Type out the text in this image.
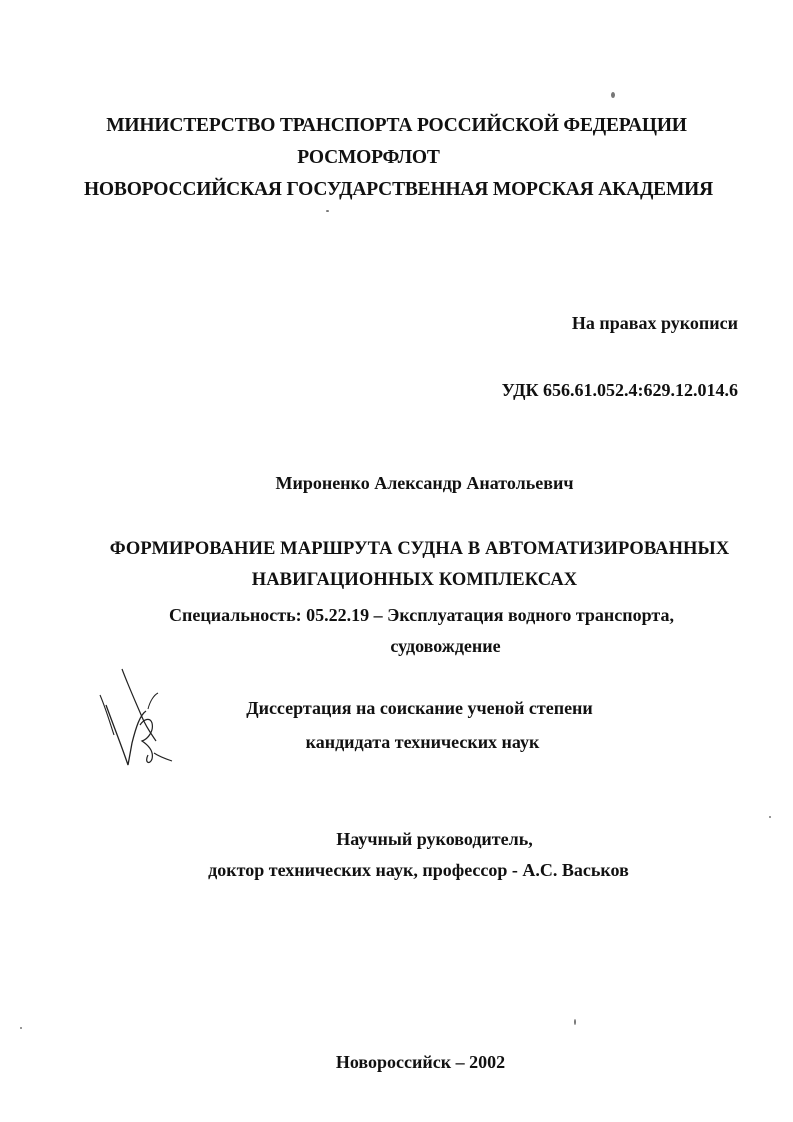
МИНИСТЕРСТВО ТРАНСПОРТА РОССИЙСКОЙ ФЕДЕРАЦИИ
РОСМОРФЛОТ
НОВОРОССИЙСКАЯ ГОСУДАРСТВЕННАЯ МОРСКАЯ АКАДЕМИЯ
На правах рукописи
УДК 656.61.052.4:629.12.014.6
Мироненко Александр Анатольевич
ФОРМИРОВАНИЕ МАРШРУТА СУДНА В АВТОМАТИЗИРОВАННЫХ
НАВИГАЦИОННЫХ КОМПЛЕКСАХ
Специальность: 05.22.19 – Эксплуатация водного транспорта,
судовождение
Диссертация на соискание ученой степени
кандидата технических наук
Научный руководитель,
доктор технических наук, профессор - А.С. Васьков
Новороссийск – 2002
